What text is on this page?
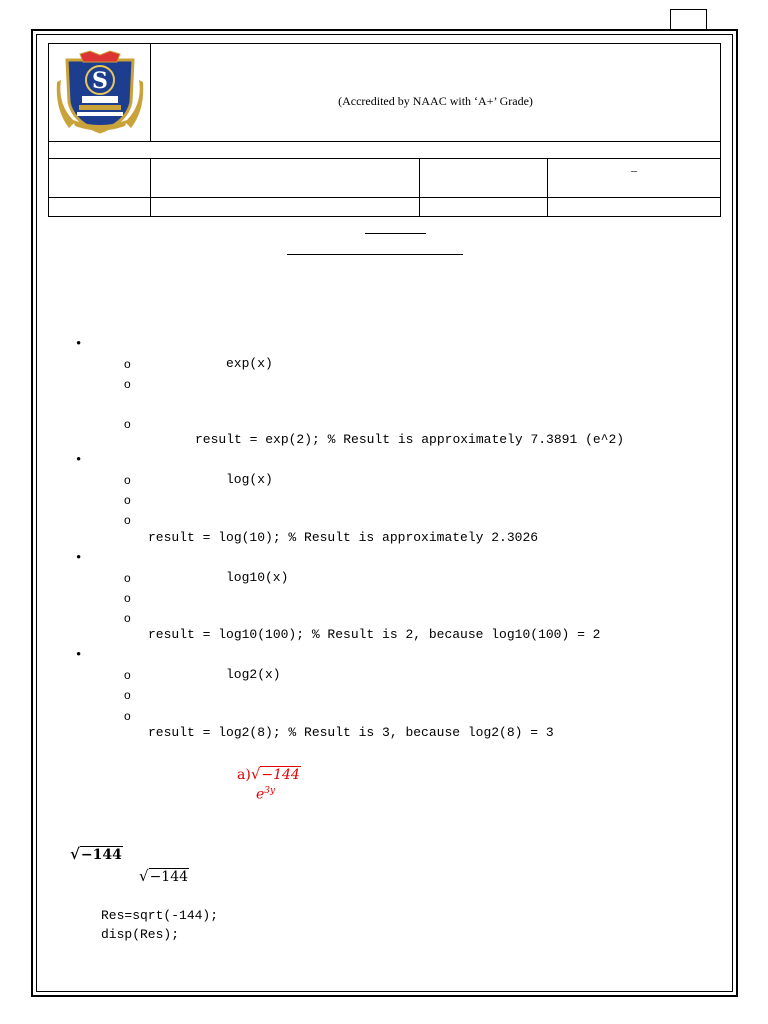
S	(Accredited by NAAC with ‘A+’ Grade)		

			–

•
o	exp(x)
o
o
result = exp(2); % Result is approximately 7.3891 (e^2)
•
o	log(x)
o
o
result = log(10); % Result is approximately 2.3026
•
o	log10(x)
o
o
result = log10(100); % Result is 2, because log10(100) = 2
•
o	log2(x)
o
o
result = log2(8); % Result is 3, because log2(8) = 3
a)√−144
$e^{3y}$
√−144
√−144
Res=sqrt(-144);
disp(Res);
